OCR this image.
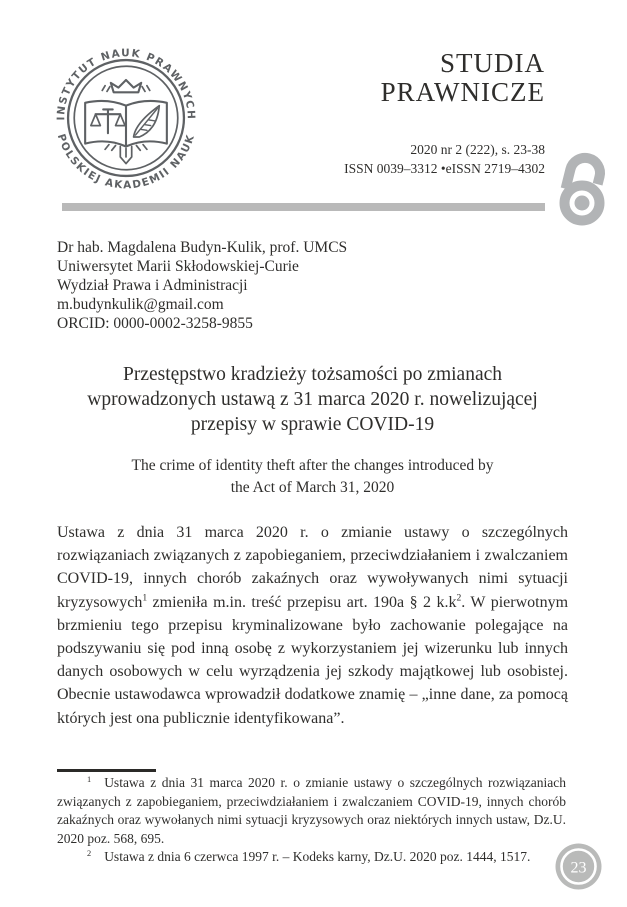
INSTYTUT NAUK PRAWNYCH
POLSKIEJ AKADEMII NAUK
STUDIA
PRAWNICZE
2020 nr 2 (222), s. 23-38
ISSN 0039–3312 •eISSN 2719–4302
Dr hab. Magdalena Budyn-Kulik, prof. UMCS
Uniwersytet Marii Skłodowskiej-Curie
Wydział Prawa i Administracji
m.budynkulik@gmail.com
ORCID: 0000-0002-3258-9855
Przestępstwo kradzieży tożsamości po zmianach
wprowadzonych ustawą z 31 marca 2020 r. nowelizującej
przepisy w sprawie COVID-19
The crime of identity theft after the changes introduced by
the Act of March 31, 2020

Ustawa z dnia 31 marca 2020 r. o zmianie ustawy o szczególnych rozwiązaniach związanych z zapobieganiem, przeciwdziałaniem i zwalczaniem COVID-19, innych chorób zakaźnych oraz wywoływanych nimi sytuacji kryzysowych$^1$ zmieniła m.in. treść przepisu art. 190a § 2 $k.k^2$. W pierwotnym brzmieniu tego przepisu kryminalizowane było zachowanie polegające na podszywaniu się pod inną osobę z wykorzystaniem jej wizerunku lub innych danych osobowych w celu wyrządzenia jej szkody majątkowej lub osobistej. Obecnie ustawodawca wprowadził dodatkowe znamię – „inne dane, za pomocą których jest ona publicznie identyfikowana”.

$^1$ Ustawa z dnia 31 marca 2020 r. o zmianie ustawy o szczególnych rozwiązaniach związanych z zapobieganiem, przeciwdziałaniem i zwalczaniem COVID-19, innych chorób zakaźnych oraz wywołanych nimi sytuacji kryzysowych oraz niektórych innych ustaw, Dz.U. 2020 poz. 568, 695.

$^2$ Ustawa z dnia 6 czerwca 1997 r. – Kodeks karny, Dz.U. 2020 poz. 1444, 1517.

23
